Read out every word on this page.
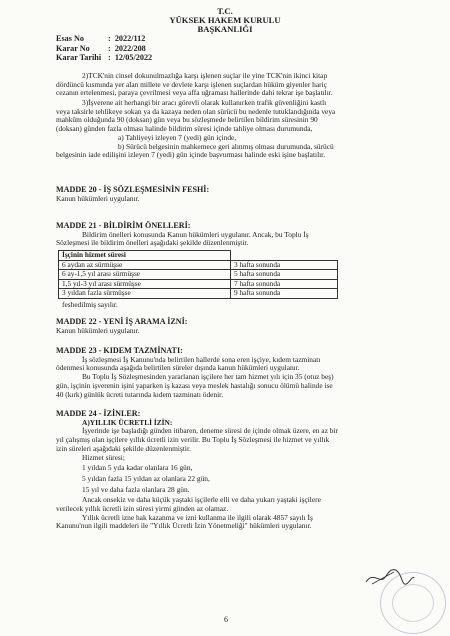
T.C.
YÜKSEK HAKEM KURULU
BAŞKANLIĞI
Esas No	:
2022/112
Karar No	:
2022/208
Karar Tarihi :
12/05/2022
2)TCK'nin cinsel dokunulmazlığa karşı işlenen suçlar ile yine TCK'nin ikinci kitap
dördüncü kısmında yer alan millete ve devlete karşı işlenen suçlardan hüküm giyenler hariç
cezanın ertelenmesi, paraya çevrilmesi veya affa uğraması hallerinde dahi tekrar işe başlatılır.
3)İşverene ait herhangi bir aracı görevli olarak kullanırken trafik güvenliğini kastlı
veya taksirle tehlikeye sokan ya da kazaya neden olan sürücü bu nedenle tutuklandığında veya
mahkûm olduğunda 90 (doksan) gün veya bu sözleşmede belirtilen bildirim süresinin 90
(doksan) günden fazla olması halinde bildirim süresi içinde tahliye olması durumunda,
a) Tahliyeyi izleyen 7 (yedi) gün içinde,
b) Sürücü belgesinin mahkemece geri alınmış olması durumunda, sürücü
belgesinin iade edilişini izleyen 7 (yedi) gün içinde başvurması halinde eski işine başlatılır.
MADDE 20 - İŞ SÖZLEŞMESİNİN FESHİ:
Kanun hükümleri uygulanır.
MADDE 21 - BİLDİRİM ÖNELLERİ:
Bildirim önelleri konusunda Kanun hükümleri uygulanır. Ancak, bu Toplu İş
Sözleşmesi ile bildirim önelleri aşağıdaki şekilde düzenlenmiştir.
İşçinin hizmet süresi	
6 aydan az sürmüşse	3 hafta sonunda
6 ay-1,5 yıl arası sürmüşse	5 hafta sonunda
1,5 yıl-3 yıl arası sürmüşse	7 hafta sonunda
3 yıldan fazla sürmüşse	9 hafta sonunda
feshedilmiş sayılır.
MADDE 22 - YENİ İŞ ARAMA İZNİ:
Kanun hükümleri uygulanır.
MADDE 23 - KIDEM TAZMİNATI:
İş sözleşmesi İş Kanunu'nda belirtilen hallerde sona eren işçiye, kıdem tazminatı
ödenmesi konusunda aşağıda belirtilen süreler dışında kanun hükümleri uygulanır.
Bu Toplu İş Sözleşmesinden yararlanan işçilere her tam hizmet yılı için 35 (otuz beş)
gün, işçinin işverenin işini yaparken iş kazası veya meslek hastalığı sonucu ölümü halinde ise
40 (kırk) günlük ücreti tutarında kıdem tazminatı ödenir.
MADDE 24 - İZİNLER:
A)YILLIK ÜCRETLİ İZİN:
İşyerinde işe başladığı günden itibaren, deneme süresi de içinde olmak üzere, en az bir
yıl çalışmış olan işçilere yıllık ücretli izin verilir. Bu Toplu İş Sözleşmesi ile hizmet ve yıllık
izin süreleri aşağıdaki şekilde düzenlenmiştir.
Hizmet süresi;
1 yıldan 5 yıla kadar olanlara 16 gün,
5 yıldan fazla 15 yıldan az olanlara 22 gün,
15 yıl ve daha fazla olanlara 28 gün.
Ancak onsekiz ve daha küçük yaştaki işçilerle elli ve daha yukarı yaştaki işçilere
verilecek yıllık ücretli izin süresi yirmi günden az olamaz.
Yıllık ücretli izne hak kazanma ve izni kullanma ile ilgili olarak 4857 sayılı İş
Kanunu'nun ilgili maddeleri ile "Yıllık Ücretli İzin Yönetmeliği" hükümleri uygulanır.
6
